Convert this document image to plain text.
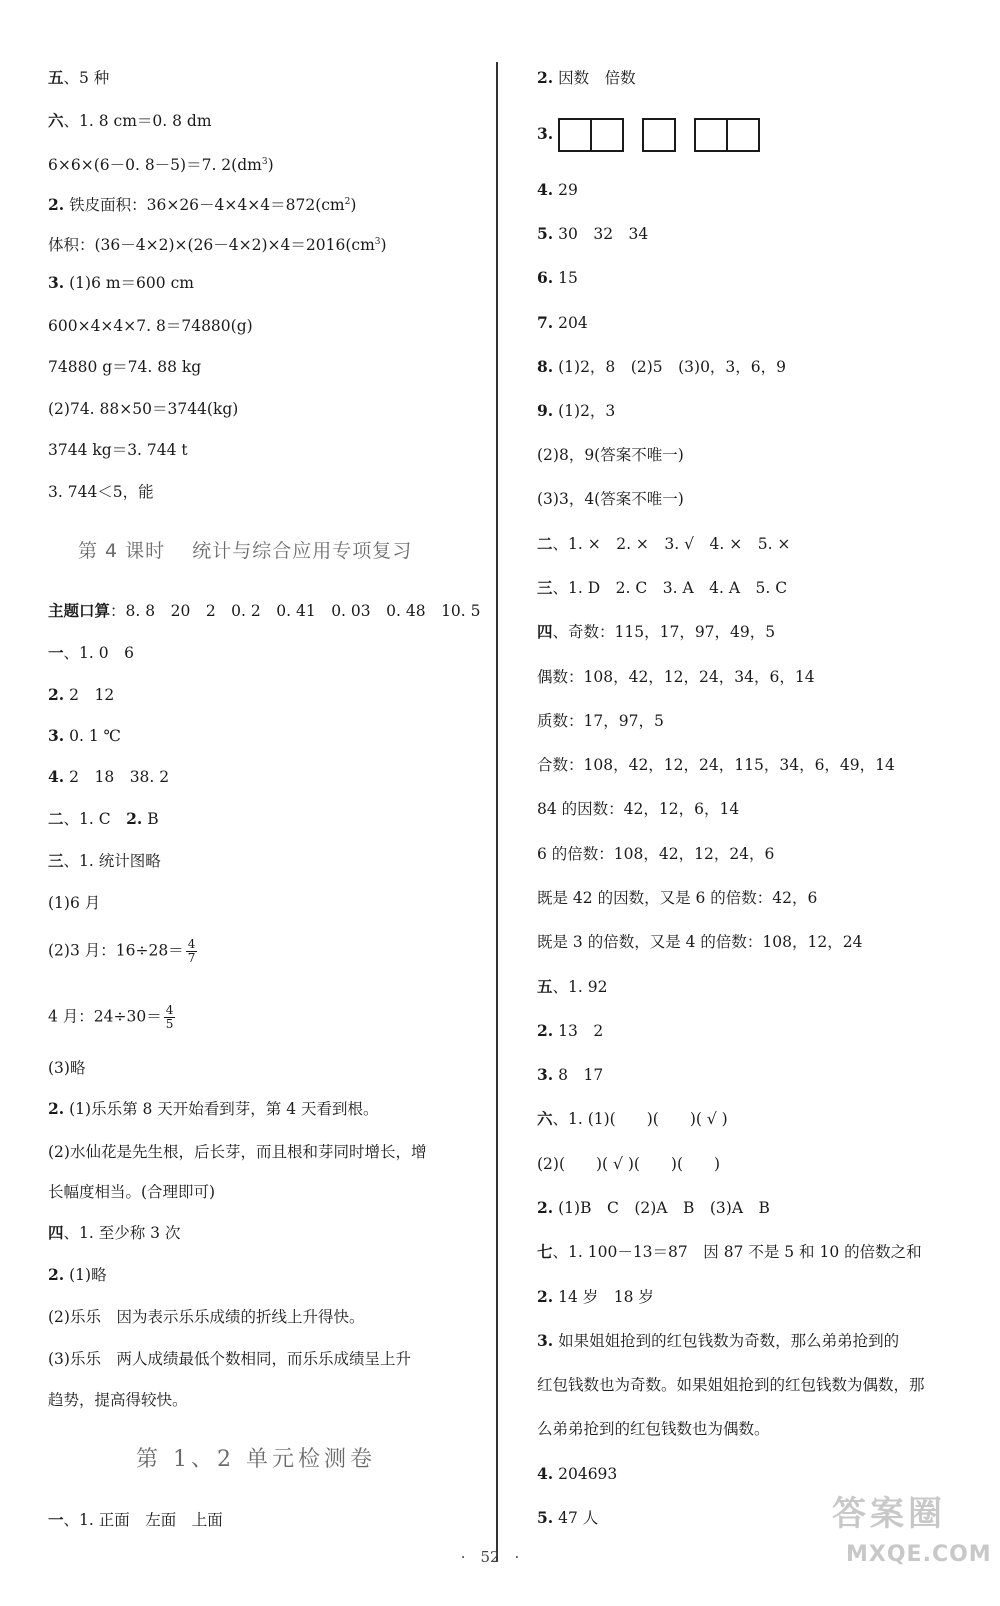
五、5 种
六、1. 8 cm＝0. 8 dm
6×6×(6－0. 8－5)＝7. $2(dm^3)$
2. 铁皮面积：$36\times 26-4\times 4\times 4=872(cm^2)$
体积：$(36-4\times 2)\times(26-4\times 2)\times 4=2016(cm^3)$
3. (1)6 m＝600 cm
600×4×4×7. 8＝74880(g)
74880 g＝74. 88 kg
(2)74. 88×50＝3744(kg)
3744 kg＝3. 744 t
3. 744＜5，能
第 4 课时　 统计与综合应用专项复习
主题口算：8. 8　20　2　0. 2　0. 41　0. 03　0. 48　10. 5
一、1. 0　6
2. 2　12
3. 0. 1 ℃
4. 2　18　38. 2
二、1. C　2. B
三、1. 统计图略
(1)6 月
(2)3 月：$16\div 28= \frac{4}{7}$
4 月：$24\div 30= \frac{4}{5}$
(3)略
2. (1)乐乐第 8 天开始看到芽，第 4 天看到根。
(2)水仙花是先生根，后长芽，而且根和芽同时增长，增
长幅度相当。(合理即可)
四、1. 至少称 3 次
2. (1)略
(2)乐乐　因为表示乐乐成绩的折线上升得快。
(3)乐乐　两人成绩最低个数相同，而乐乐成绩呈上升
趋势，提高得较快。
第 1、2 单元检测卷
一、1. 正面　左面　上面
2. 因数　倍数
3.
4. 29
5. 30　32　34
6. 15
7. 204
8. (1)2，8　(2)5　(3)0，3，6，9
9. (1)2，3
(2)8，9(答案不唯一)
(3)3，4(答案不唯一)
二、1. ×　2. ×　3. √　4. ×　5. ×
三、1. D　2. C　3. A　4. A　5. C
四、奇数：115，17，97，49，5
偶数：108，42，12，24，34，6，14
质数：17，97，5
合数：108，42，12，24，115，34，6，49，14
84 的因数：42，12，6，14
6 的倍数：108，42，12，24，6
既是 42 的因数，又是 6 的倍数：42，6
既是 3 的倍数，又是 4 的倍数：108，12，24
五、1. 92
2. 13　2
3. 8　17
六、1. (1)(　　)(　　)( √ )
(2)(　　)( √ )(　　)(　　)
2. (1)B　C　(2)A　B　(3)A　B
七、1. 100－13＝87　因 87 不是 5 和 10 的倍数之和
2. 14 岁　18 岁
3. 如果姐姐抢到的红包钱数为奇数，那么弟弟抢到的
红包钱数也为奇数。如果姐姐抢到的红包钱数为偶数，那
么弟弟抢到的红包钱数也为偶数。
4. 204693
5. 47 人
·　52　·
答案圈
MXQE.COM
